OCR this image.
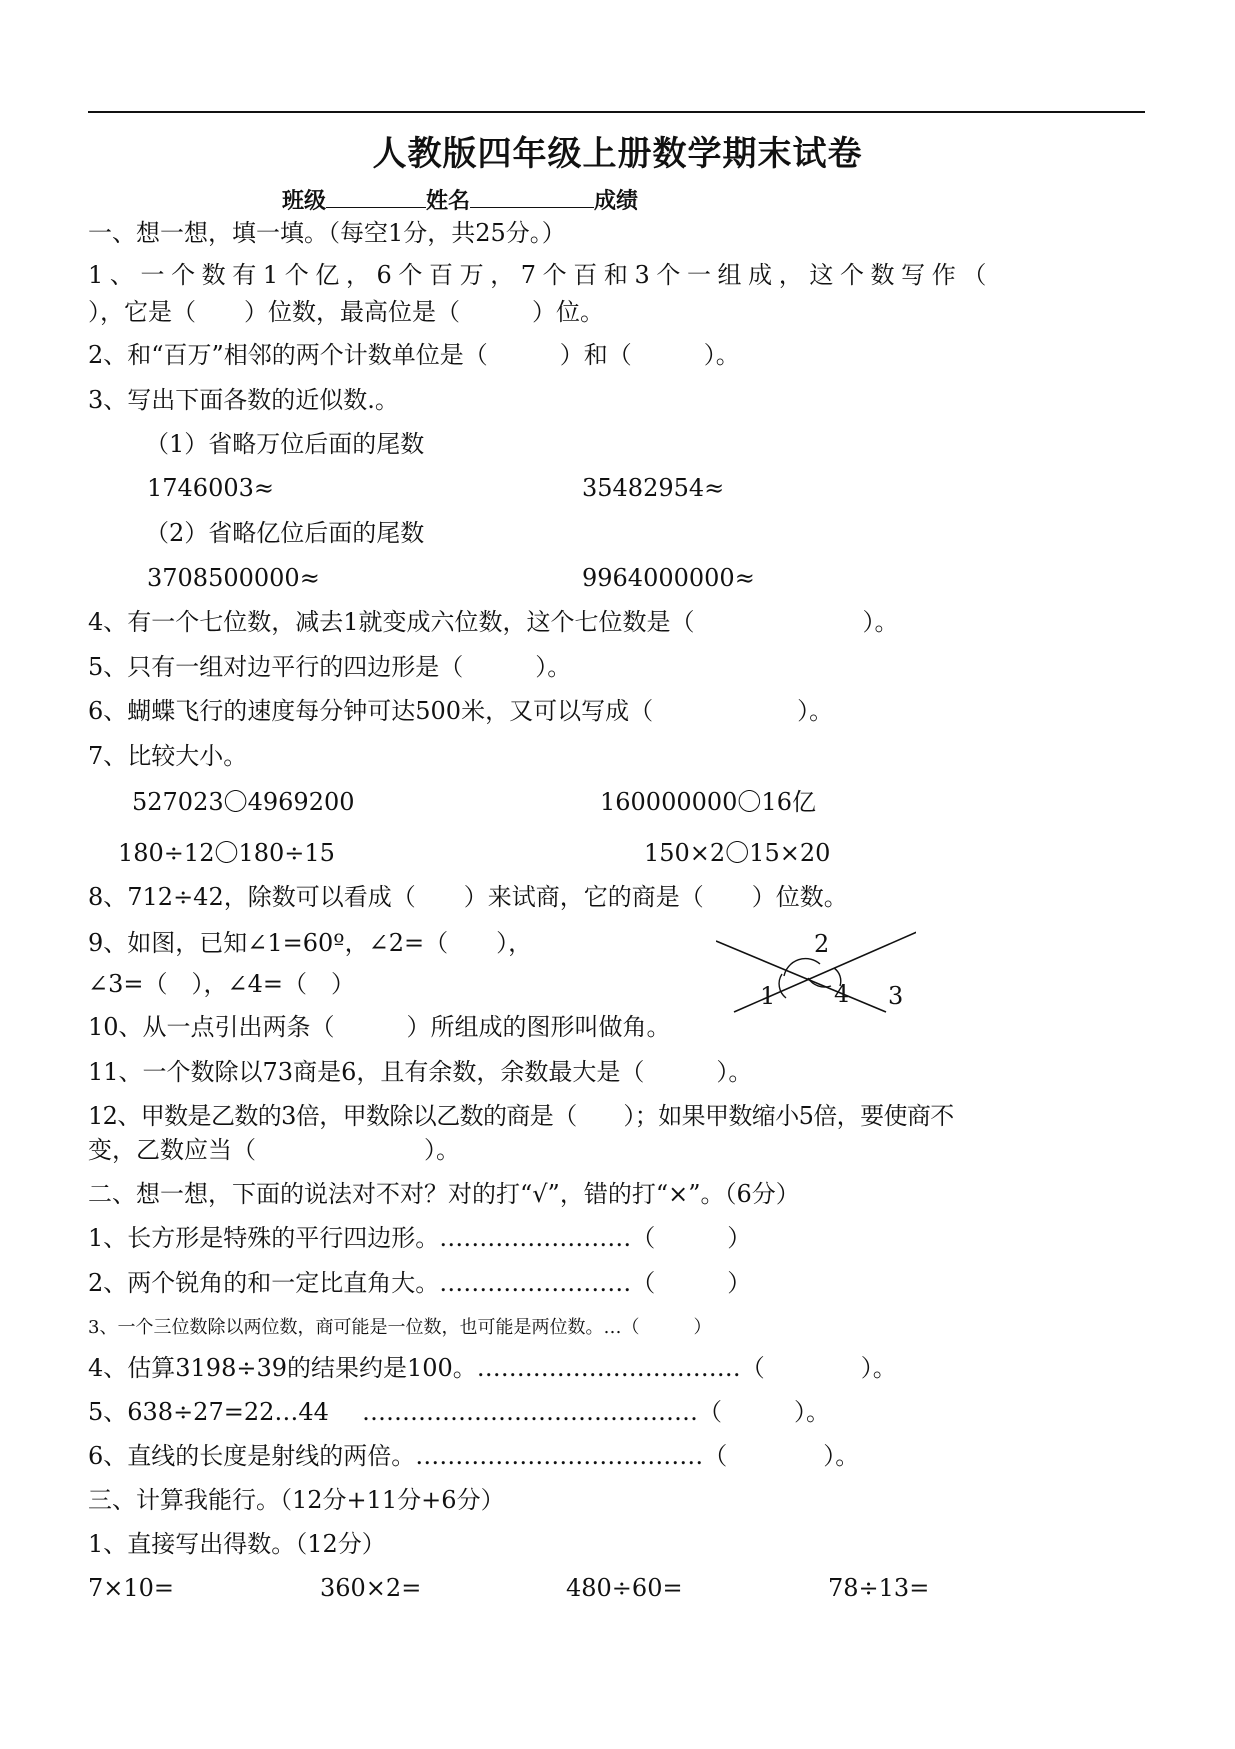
人教版四年级上册数学期末试卷
班级	姓名	成绩
一、想一想，填一填。（每空1分，共25分。）
1、一个数有1个亿，6个百万，7个百和3个一组成，这个数写作（
），它是（　　）位数，最高位是（　　　）位。
2、和“百万”相邻的两个计数单位是（　　　）和（　　　）。
3、写出下面各数的近似数.。
（1）省略万位后面的尾数
1746003≈	35482954≈
（2）省略亿位后面的尾数
3708500000≈	9964000000≈
4、有一个七位数，减去1就变成六位数，这个七位数是（　　　　　　　）。
5、只有一组对边平行的四边形是（　　　）。
6、蝴蝶飞行的速度每分钟可达500米，又可以写成（　　　　　　）。
7、比较大小。
527023〇4969200	160000000〇16亿
180÷12〇180÷15	150×2〇15×20
8、712÷42，除数可以看成（　　）来试商，它的商是（　　）位数。
9、如图，已知∠1=60º，∠2=（　　），
∠3=（　），∠4=（　）	1
2
3
4
10、从一点引出两条（　　　）所组成的图形叫做角。
11、一个数除以73商是6，且有余数，余数最大是（　　　）。
12、甲数是乙数的3倍，甲数除以乙数的商是（　　）；如果甲数缩小5倍，要使商不
变，乙数应当（　　　　　　　）。
二、想一想，下面的说法对不对？对的打“√”，错的打“×”。（6分）
1、长方形是特殊的平行四边形。……………………（　　　）
2、两个锐角的和一定比直角大。……………………（　　　）
3、一个三位数除以两位数，商可能是一位数，也可能是两位数。…（　　　）
4、估算3198÷39的结果约是100。……………………………（　　　　）。
5、638÷27=22…44 ……………………………………（　　　）。
6、直线的长度是射线的两倍。………………………………（　　　　）。
三、计算我能行。（12分+11分+6分）
1、直接写出得数。（12分）
7×10=	360×2=	480÷60=	78÷13=
